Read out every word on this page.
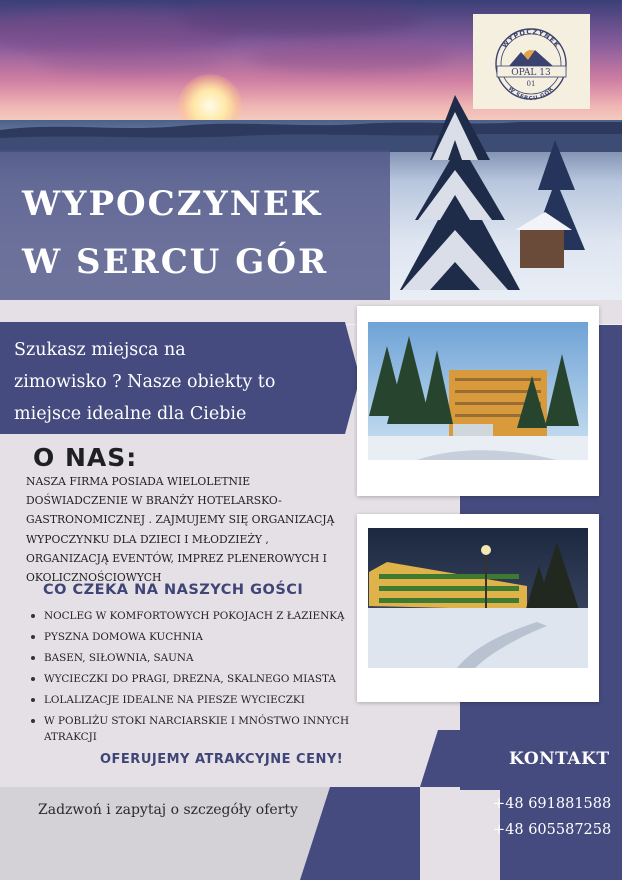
WYPOCZYNEK
W SERCU GÓR
WYPOCZYNEK
OPAL 13
01
W SERCU GÓR
Szukasz miejsca na
zimowisko ? Nasze obiekty to
miejsce idealne dla Ciebie
O NAS:
NASZA FIRMA POSIADA WIELOLETNIE DOŚWIADCZENIE W BRANŻY HOTELARSKO- GASTRONOMICZNEJ . ZAJMUJEMY SIĘ ORGANIZACJĄ WYPOCZYNKU DLA DZIECI I MŁODZIEŻY , ORGANIZACJĄ EVENTÓW, IMPREZ PLENEROWYCH I OKOLICZNOŚCIOWYCH
CO CZEKA NA NASZYCH GOŚCI
NOCLEG W KOMFORTOWYCH POKOJACH Z ŁAZIENKĄ
PYSZNA DOMOWA KUCHNIA
BASEN, SIŁOWNIA, SAUNA
WYCIECZKI DO PRAGI, DREZNA, SKALNEGO MIASTA
LOLALIZACJE IDEALNE NA PIESZE WYCIECZKI
W POBLIŻU STOKI NARCIARSKIE I MNÓSTWO INNYCH ATRAKCJI
OFERUJEMY ATRAKCYJNE CENY!	KONTAKT
Zadzwoń i zapytaj o szczegóły oferty	+48 691881588
+48 605587258
